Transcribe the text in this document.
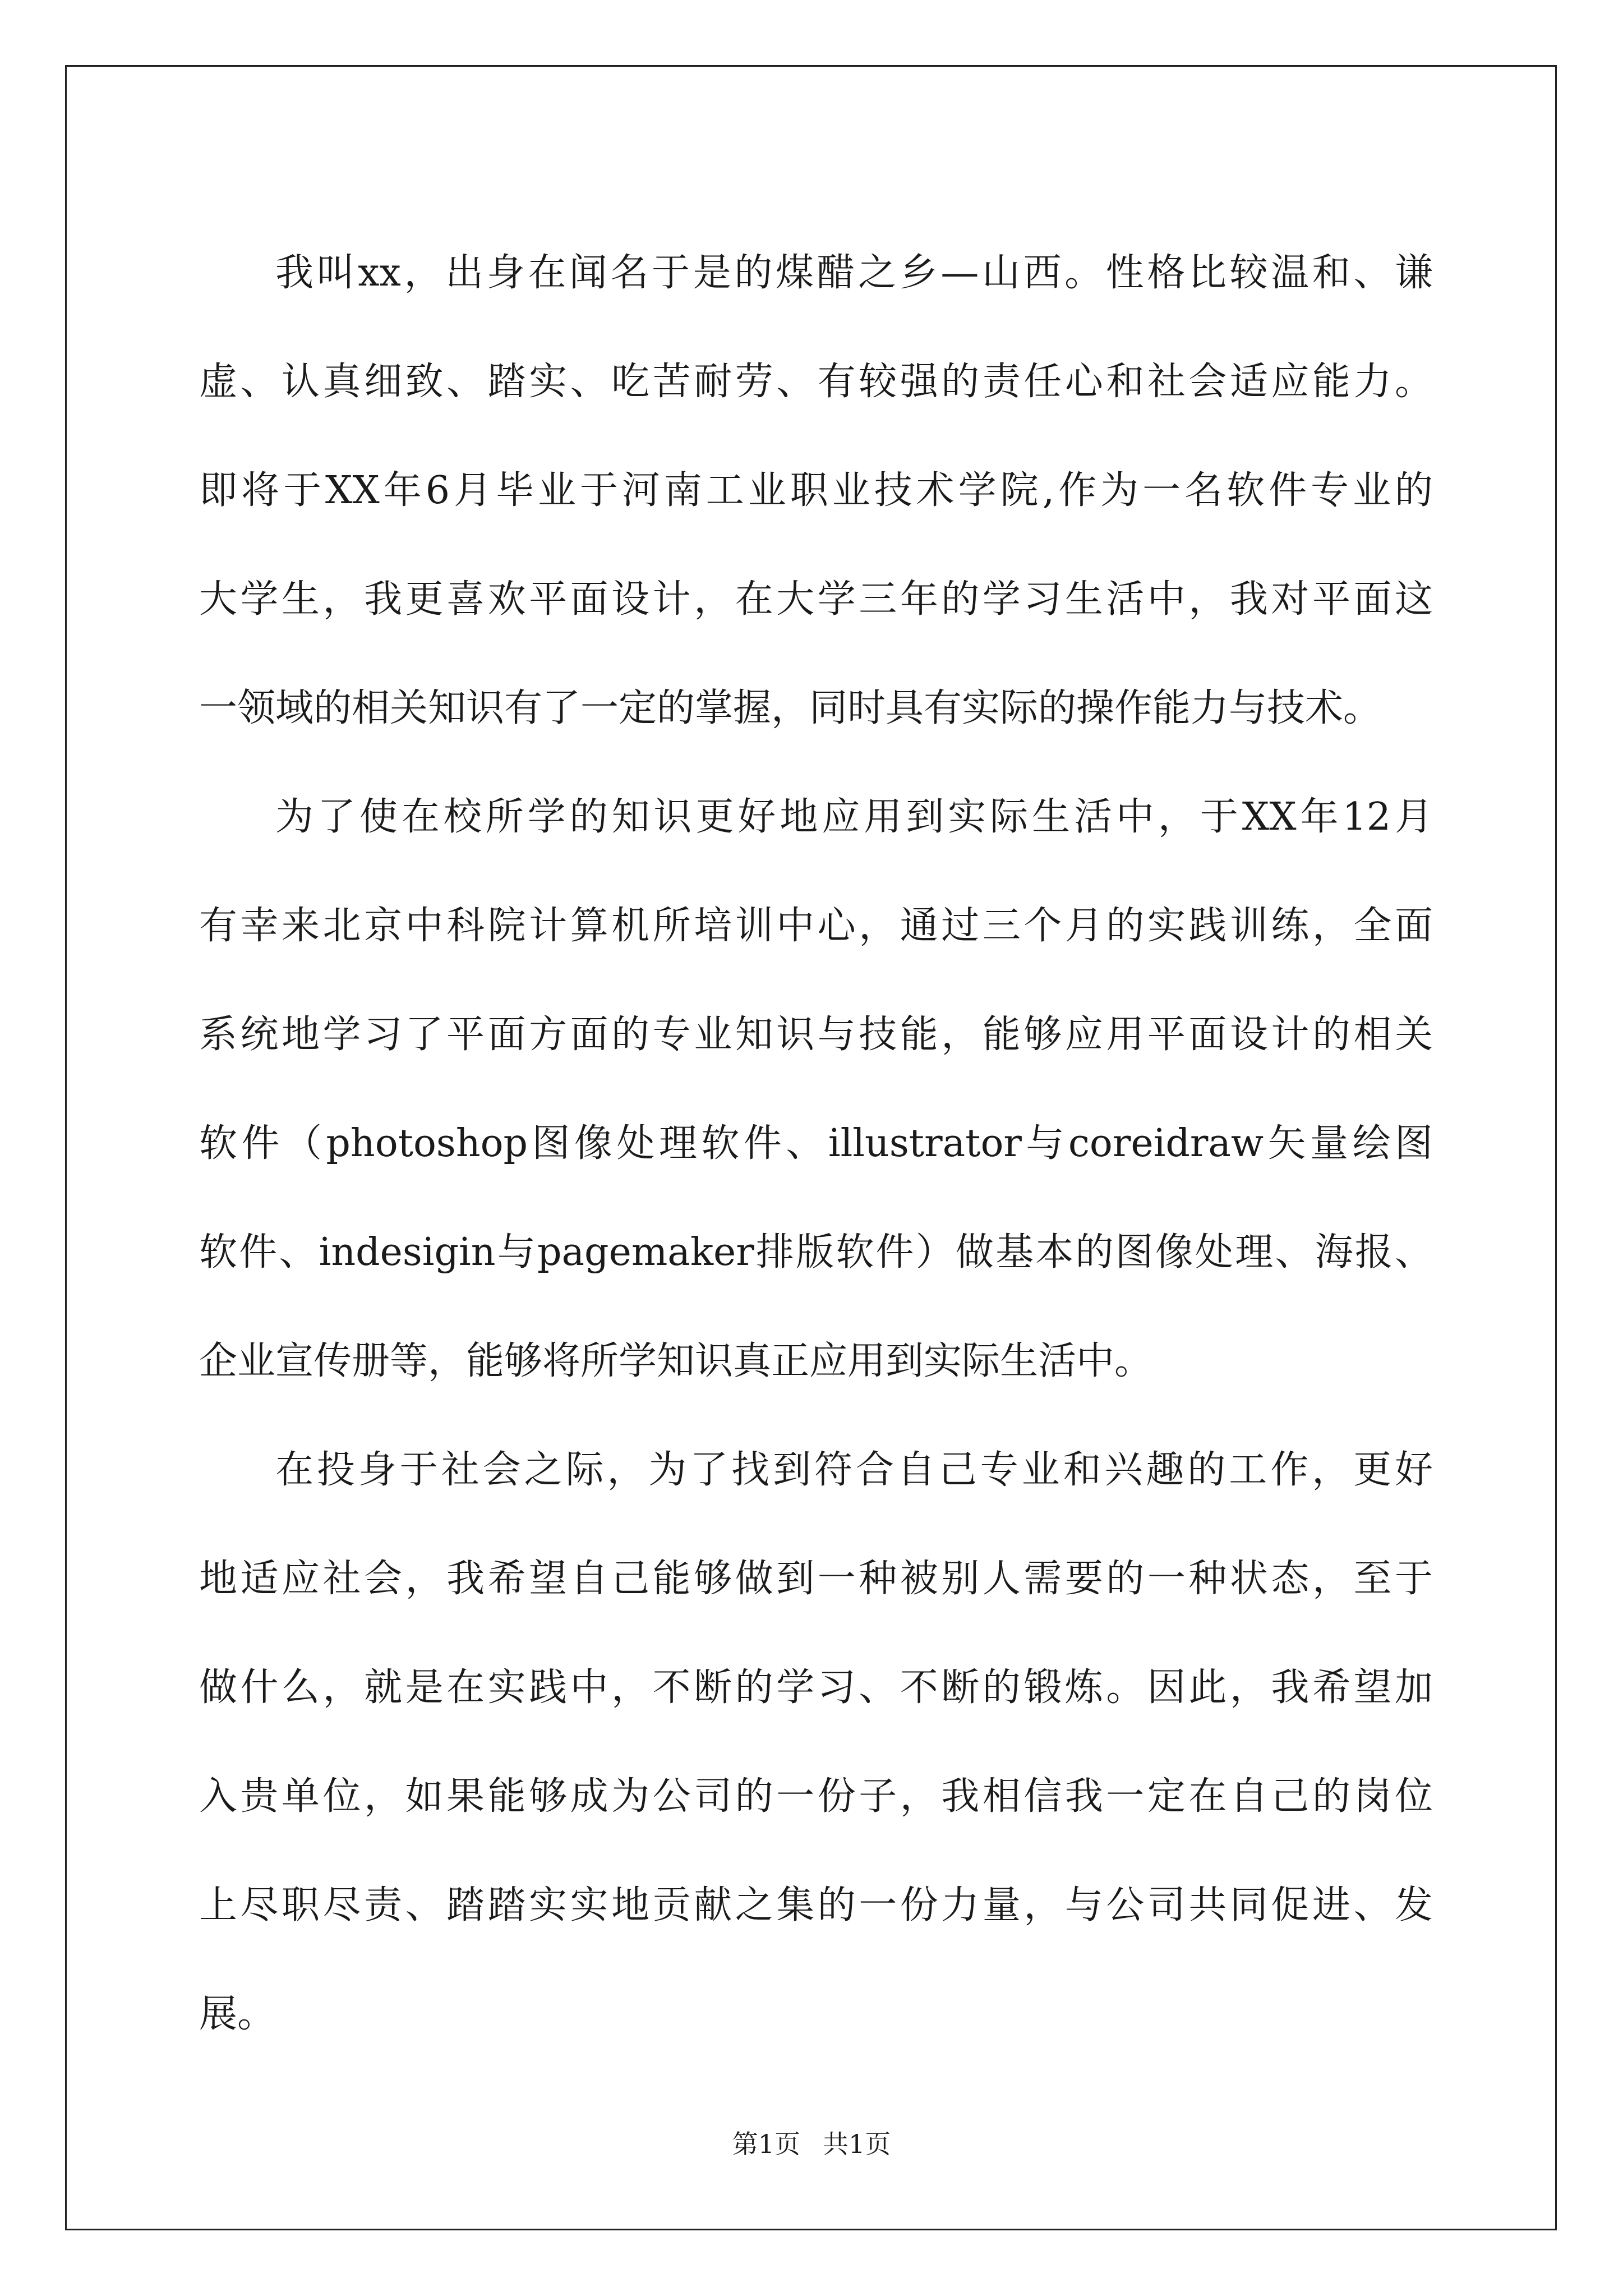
我叫xx，出身在闻名于是的煤醋之乡—山西。性格比较温和、谦
虚、认真细致、踏实、吃苦耐劳、有较强的责任心和社会适应能力。
即将于XX年6月毕业于河南工业职业技术学院,作为一名软件专业的
大学生，我更喜欢平面设计，在大学三年的学习生活中，我对平面这
一领域的相关知识有了一定的掌握，同时具有实际的操作能力与技术。
为了使在校所学的知识更好地应用到实际生活中，于XX年12月
有幸来北京中科院计算机所培训中心，通过三个月的实践训练，全面
系统地学习了平面方面的专业知识与技能，能够应用平面设计的相关
软件（photoshop图像处理软件、illustrator与coreidraw矢量绘图
软件、indesigin与pagemaker排版软件）做基本的图像处理、海报、
企业宣传册等，能够将所学知识真正应用到实际生活中。
在投身于社会之际，为了找到符合自己专业和兴趣的工作，更好
地适应社会，我希望自己能够做到一种被别人需要的一种状态，至于
做什么，就是在实践中，不断的学习、不断的锻炼。因此，我希望加
入贵单位，如果能够成为公司的一份子，我相信我一定在自己的岗位
上尽职尽责、踏踏实实地贡献之集的一份力量，与公司共同促进、发
展。
第1页 共1页
